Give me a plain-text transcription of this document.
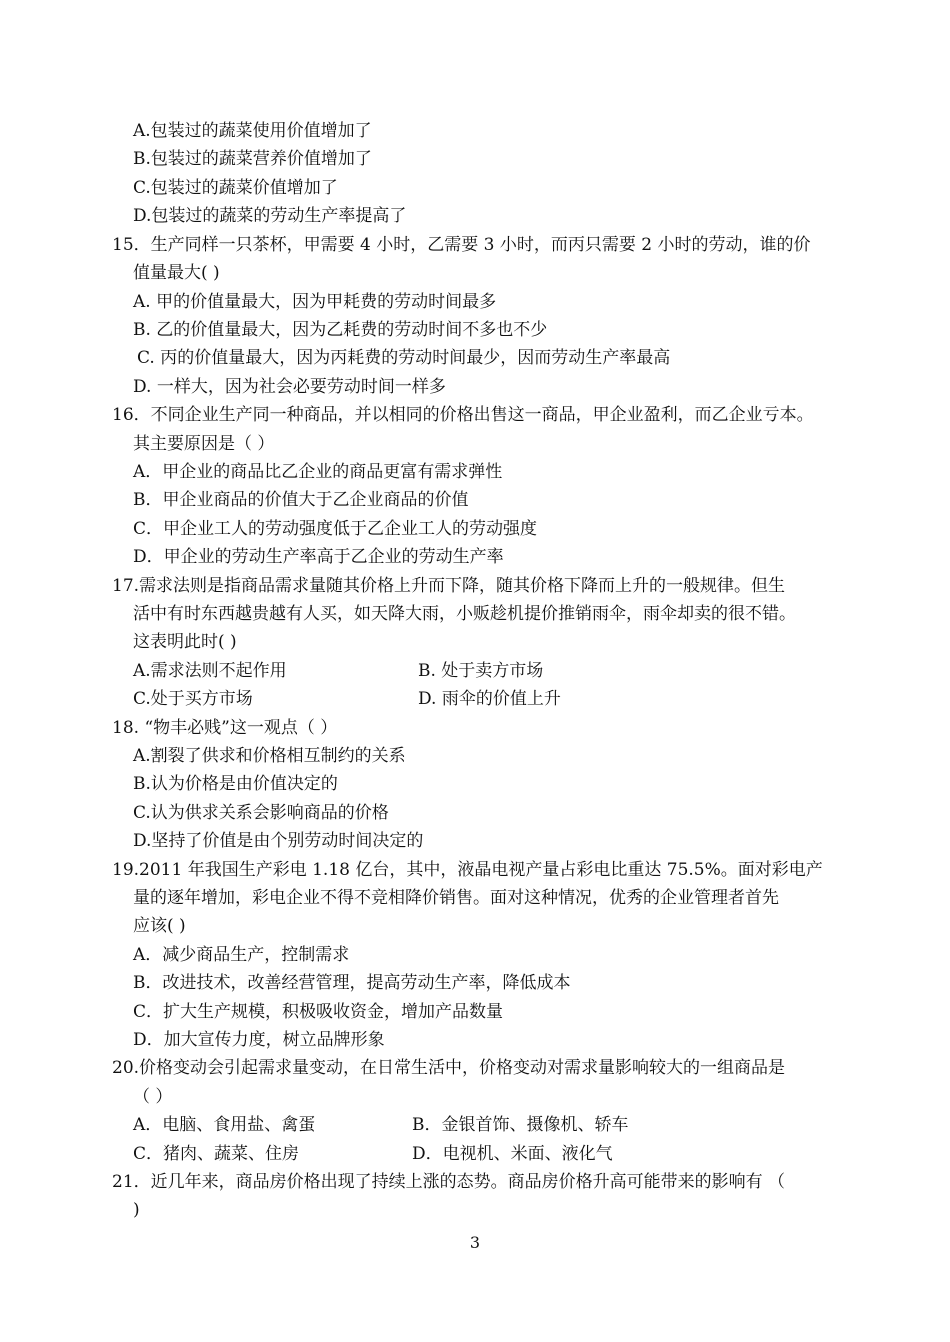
A.包装过的蔬菜使用价值增加了
B.包装过的蔬菜营养价值增加了
C.包装过的蔬菜价值增加了
D.包装过的蔬菜的劳动生产率提高了
15．生产同样一只茶杯，甲需要 4 小时，乙需要 3 小时，而丙只需要 2 小时的劳动，谁的价
值量最大( )
A. 甲的价值量最大，因为甲耗费的劳动时间最多
B. 乙的价值量最大，因为乙耗费的劳动时间不多也不少
C. 丙的价值量最大，因为丙耗费的劳动时间最少，因而劳动生产率最高
D. 一样大，因为社会必要劳动时间一样多
16．不同企业生产同一种商品，并以相同的价格出售这一商品，甲企业盈利，而乙企业亏本。
其主要原因是（ ）
A．甲企业的商品比乙企业的商品更富有需求弹性
B．甲企业商品的价值大于乙企业商品的价值
C．甲企业工人的劳动强度低于乙企业工人的劳动强度
D．甲企业的劳动生产率高于乙企业的劳动生产率
17.需求法则是指商品需求量随其价格上升而下降，随其价格下降而上升的一般规律。但生
活中有时东西越贵越有人买，如天降大雨，小贩趁机提价推销雨伞，雨伞却卖的很不错。
这表明此时( )
A.需求法则不起作用	B. 处于卖方市场
C.处于买方市场	D. 雨伞的价值上升
18. “物丰必贱”这一观点（ ）
A.割裂了供求和价格相互制约的关系
B.认为价格是由价值决定的
C.认为供求关系会影响商品的价格
D.坚持了价值是由个别劳动时间决定的
19.2011 年我国生产彩电 1.18 亿台，其中，液晶电视产量占彩电比重达 75.5%。面对彩电产
量的逐年增加，彩电企业不得不竞相降价销售。面对这种情况，优秀的企业管理者首先
应该( )
A．减少商品生产，控制需求
B．改进技术，改善经营管理，提高劳动生产率，降低成本
C．扩大生产规模，积极吸收资金，增加产品数量
D．加大宣传力度，树立品牌形象
20.价格变动会引起需求量变动，在日常生活中，价格变动对需求量影响较大的一组商品是
（ ）
A．电脑、食用盐、禽蛋	B．金银首饰、摄像机、轿车
C．猪肉、蔬菜、住房	D．电视机、米面、液化气
21．近几年来，商品房价格出现了持续上涨的态势。商品房价格升高可能带来的影响有 （
)
3
